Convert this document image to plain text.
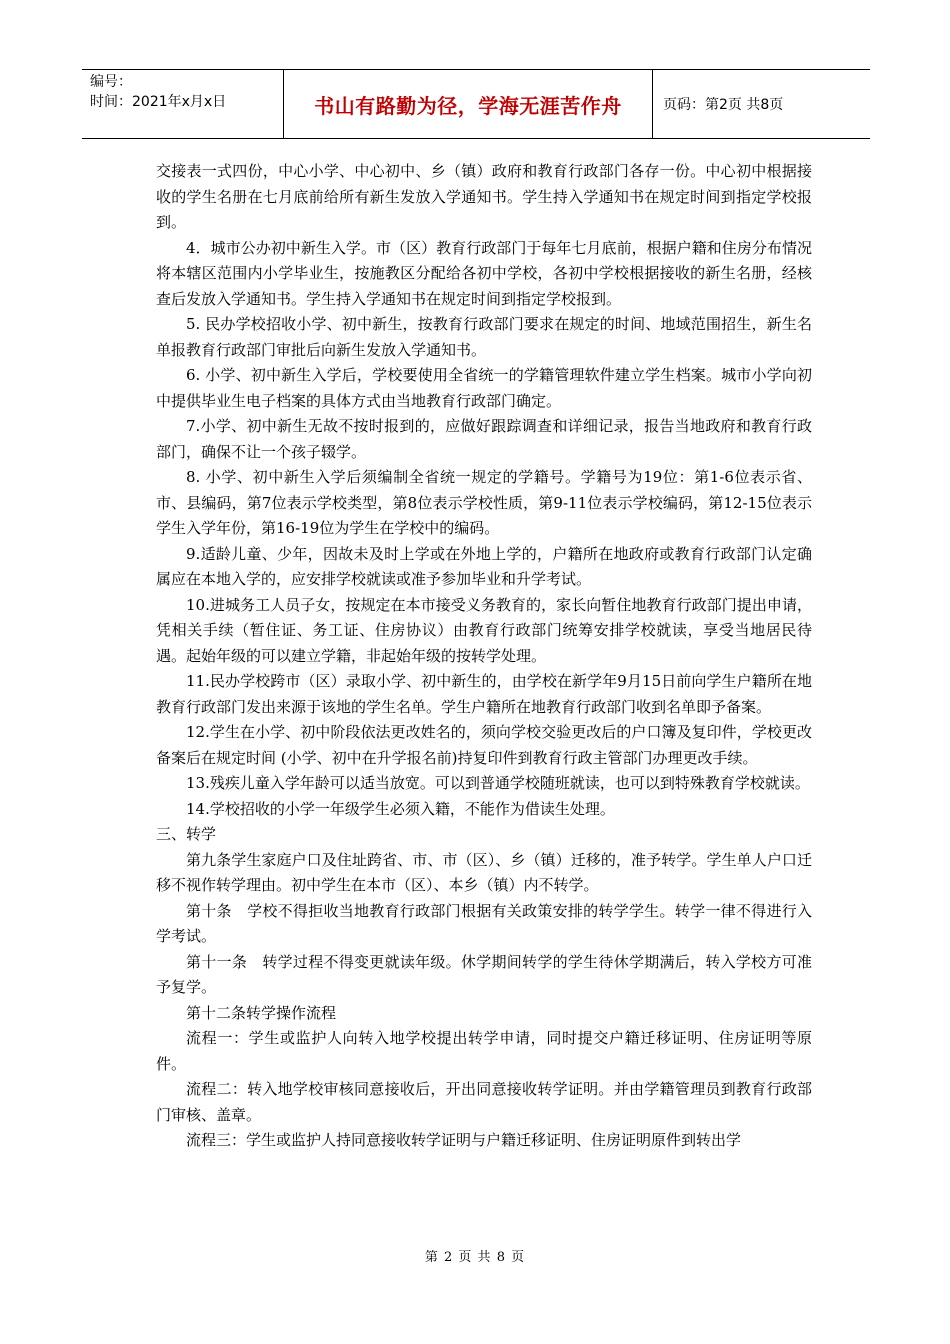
编号：
时间：2021年x月x日	书山有路勤为径，学海无涯苦作舟	页码：第2页 共8页

交接表一式四份，中心小学、中心初中、乡（镇）政府和教育行政部门各存一份。中心初中根据接收的学生名册在七月底前给所有新生发放入学通知书。学生持入学通知书在规定时间到指定学校报到。

4．城市公办初中新生入学。市（区）教育行政部门于每年七月底前，根据户籍和住房分布情况将本辖区范围内小学毕业生，按施教区分配给各初中学校，各初中学校根据接收的新生名册，经核查后发放入学通知书。学生持入学通知书在规定时间到指定学校报到。

5. 民办学校招收小学、初中新生，按教育行政部门要求在规定的时间、地域范围招生，新生名单报教育行政部门审批后向新生发放入学通知书。

6. 小学、初中新生入学后，学校要使用全省统一的学籍管理软件建立学生档案。城市小学向初中提供毕业生电子档案的具体方式由当地教育行政部门确定。

7.小学、初中新生无故不按时报到的，应做好跟踪调查和详细记录，报告当地政府和教育行政部门，确保不让一个孩子辍学。

8. 小学、初中新生入学后须编制全省统一规定的学籍号。学籍号为19位：第1-6位表示省、市、县编码，第7位表示学校类型，第8位表示学校性质，第9-11位表示学校编码，第12-15位表示学生入学年份，第16-19位为学生在学校中的编码。

9.适龄儿童、少年，因故未及时上学或在外地上学的，户籍所在地政府或教育行政部门认定确属应在本地入学的，应安排学校就读或准予参加毕业和升学考试。

10.进城务工人员子女，按规定在本市接受义务教育的，家长向暂住地教育行政部门提出申请，凭相关手续（暂住证、务工证、住房协议）由教育行政部门统筹安排学校就读，享受当地居民待遇。起始年级的可以建立学籍，非起始年级的按转学处理。

11.民办学校跨市（区）录取小学、初中新生的，由学校在新学年9月15日前向学生户籍所在地教育行政部门发出来源于该地的学生名单。学生户籍所在地教育行政部门收到名单即予备案。

12.学生在小学、初中阶段依法更改姓名的，须向学校交验更改后的户口簿及复印件，学校更改备案后在规定时间 (小学、初中在升学报名前)持复印件到教育行政主管部门办理更改手续。

13.残疾儿童入学年龄可以适当放宽。可以到普通学校随班就读，也可以到特殊教育学校就读。

14.学校招收的小学一年级学生必须入籍，不能作为借读生处理。

三、转学

第九条学生家庭户口及住址跨省、市、市（区）、乡（镇）迁移的，准予转学。学生单人户口迁移不视作转学理由。初中学生在本市（区）、本乡（镇）内不转学。

第十条　学校不得拒收当地教育行政部门根据有关政策安排的转学学生。转学一律不得进行入学考试。

第十一条　转学过程不得变更就读年级。休学期间转学的学生待休学期满后，转入学校方可准予复学。

第十二条转学操作流程

流程一：学生或监护人向转入地学校提出转学申请，同时提交户籍迁移证明、住房证明等原件。

流程二：转入地学校审核同意接收后，开出同意接收转学证明。并由学籍管理员到教育行政部门审核、盖章。

流程三：学生或监护人持同意接收转学证明与户籍迁移证明、住房证明原件到转出学

第 2 页 共 8 页
